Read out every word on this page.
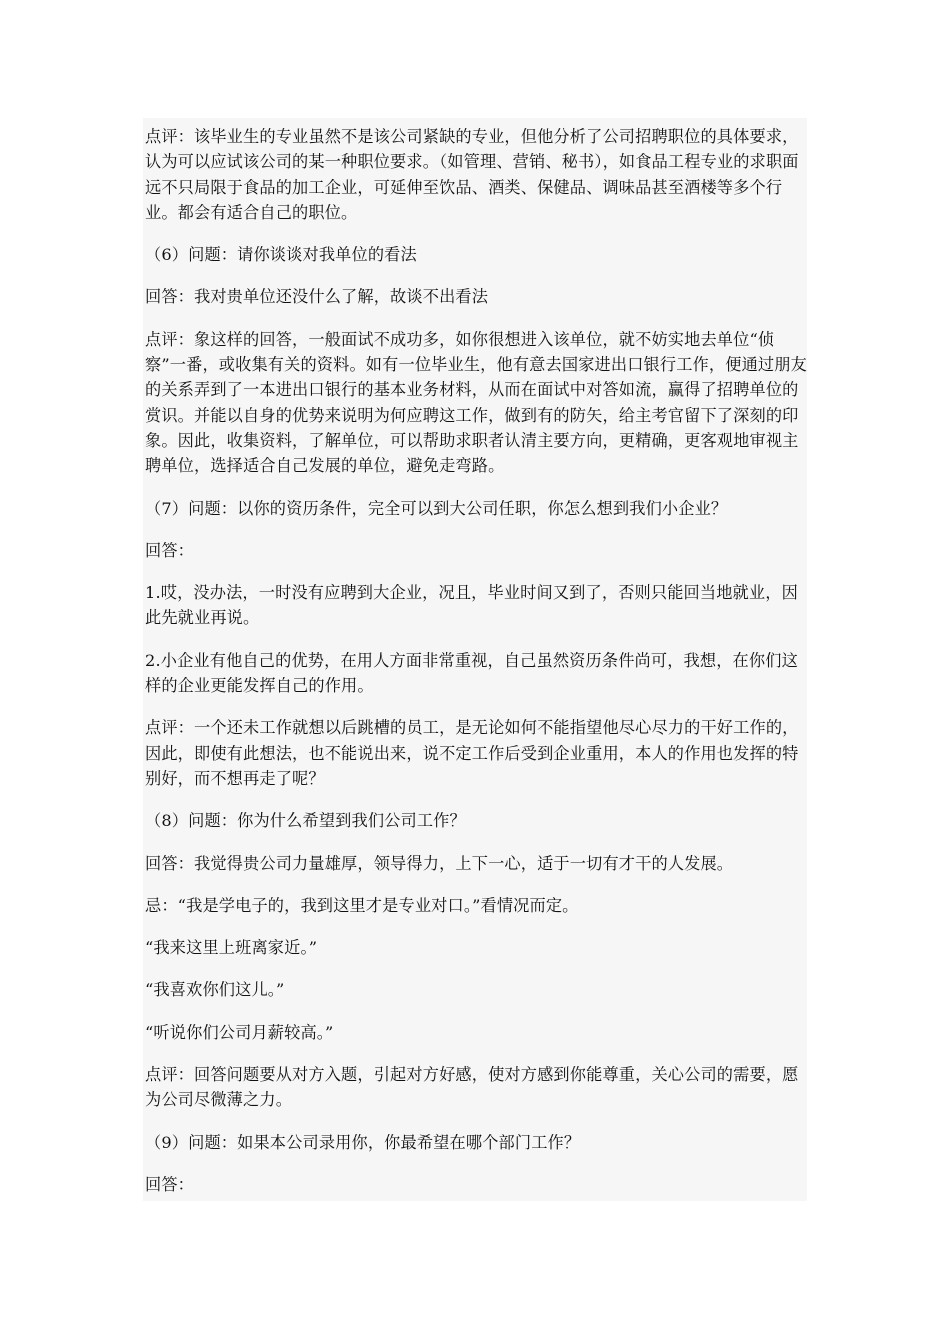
点评：该毕业生的专业虽然不是该公司紧缺的专业，但他分析了公司招聘职位的具体要求，认为可以应试该公司的某一种职位要求。（如管理、营销、秘书），如食品工程专业的求职面远不只局限于食品的加工企业，可延伸至饮品、酒类、保健品、调味品甚至酒楼等多个行业。都会有适合自己的职位。

（6）问题：请你谈谈对我单位的看法

回答：我对贵单位还没什么了解，故谈不出看法

点评：象这样的回答，一般面试不成功多，如你很想进入该单位，就不妨实地去单位“侦察”一番，或收集有关的资料。如有一位毕业生，他有意去国家进出口银行工作，便通过朋友的关系弄到了一本进出口银行的基本业务材料，从而在面试中对答如流，赢得了招聘单位的赏识。并能以自身的优势来说明为何应聘这工作，做到有的防矢，给主考官留下了深刻的印象。因此，收集资料，了解单位，可以帮助求职者认清主要方向，更精确，更客观地审视主聘单位，选择适合自己发展的单位，避免走弯路。

（7）问题：以你的资历条件，完全可以到大公司任职，你怎么想到我们小企业？

回答：

1.哎，没办法，一时没有应聘到大企业，况且，毕业时间又到了，否则只能回当地就业，因此先就业再说。

2.小企业有他自己的优势，在用人方面非常重视，自己虽然资历条件尚可，我想，在你们这样的企业更能发挥自己的作用。

点评：一个还未工作就想以后跳槽的员工，是无论如何不能指望他尽心尽力的干好工作的，因此，即使有此想法，也不能说出来，说不定工作后受到企业重用，本人的作用也发挥的特别好，而不想再走了呢？

（8）问题：你为什么希望到我们公司工作？

回答：我觉得贵公司力量雄厚，领导得力，上下一心，适于一切有才干的人发展。

忌：“我是学电子的，我到这里才是专业对口。”看情况而定。

“我来这里上班离家近。”

“我喜欢你们这儿。”

“听说你们公司月薪较高。”

点评：回答问题要从对方入题，引起对方好感，使对方感到你能尊重，关心公司的需要，愿为公司尽微薄之力。

（9）问题：如果本公司录用你，你最希望在哪个部门工作？

回答：
